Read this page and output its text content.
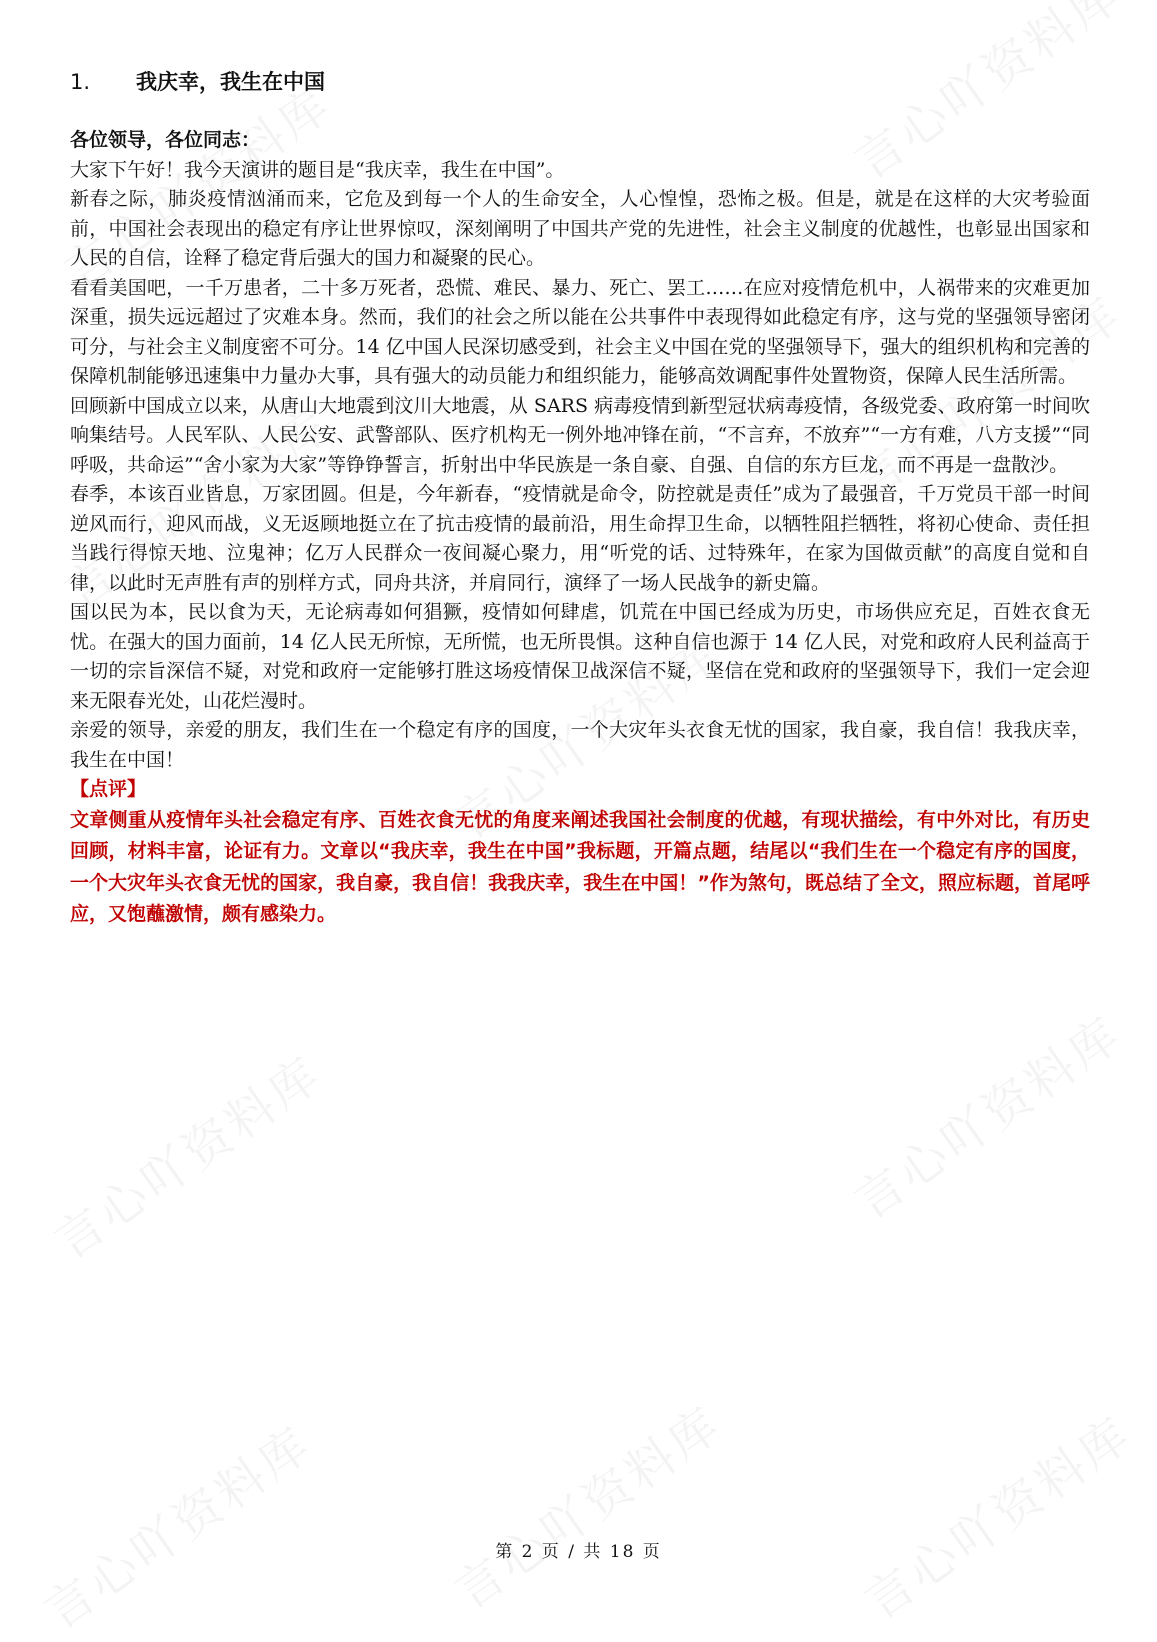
1.	我庆幸，我生在中国

各位领导，各位同志：

大家下午好！我今天演讲的题目是“我庆幸，我生在中国”。

新春之际，肺炎疫情汹涌而来，它危及到每一个人的生命安全，人心惶惶，恐怖之极。但是，就是在这样的大灾考验面前，中国社会表现出的稳定有序让世界惊叹，深刻阐明了中国共产党的先进性，社会主义制度的优越性，也彰显出国家和人民的自信，诠释了稳定背后强大的国力和凝聚的民心。

看看美国吧，一千万患者，二十多万死者，恐慌、难民、暴力、死亡、罢工……在应对疫情危机中，人祸带来的灾难更加深重，损失远远超过了灾难本身。然而，我们的社会之所以能在公共事件中表现得如此稳定有序，这与党的坚强领导密闭可分，与社会主义制度密不可分。14 亿中国人民深切感受到，社会主义中国在党的坚强领导下，强大的组织机构和完善的保障机制能够迅速集中力量办大事，具有强大的动员能力和组织能力，能够高效调配事件处置物资，保障人民生活所需。

回顾新中国成立以来，从唐山大地震到汶川大地震，从 SARS 病毒疫情到新型冠状病毒疫情，各级党委、政府第一时间吹响集结号。人民军队、人民公安、武警部队、医疗机构无一例外地冲锋在前，“不言弃，不放弃”“一方有难，八方支援”“同呼吸，共命运”“舍小家为大家”等铮铮誓言，折射出中华民族是一条自豪、自强、自信的东方巨龙，而不再是一盘散沙。

春季，本该百业皆息，万家团圆。但是，今年新春，“疫情就是命令，防控就是责任”成为了最强音，千万党员干部一时间逆风而行，迎风而战，义无返顾地挺立在了抗击疫情的最前沿，用生命捍卫生命，以牺牲阻拦牺牲，将初心使命、责任担当践行得惊天地、泣鬼神；亿万人民群众一夜间凝心聚力，用“听党的话、过特殊年，在家为国做贡献”的高度自觉和自律，以此时无声胜有声的别样方式，同舟共济，并肩同行，演绎了一场人民战争的新史篇。

国以民为本，民以食为天，无论病毒如何猖獗，疫情如何肆虐，饥荒在中国已经成为历史，市场供应充足，百姓衣食无忧。在强大的国力面前，14 亿人民无所惊，无所慌，也无所畏惧。这种自信也源于 14 亿人民，对党和政府人民利益高于一切的宗旨深信不疑，对党和政府一定能够打胜这场疫情保卫战深信不疑，坚信在党和政府的坚强领导下，我们一定会迎来无限春光处，山花烂漫时。

亲爱的领导，亲爱的朋友，我们生在一个稳定有序的国度，一个大灾年头衣食无忧的国家，我自豪，我自信！我我庆幸，我生在中国！

【点评】

文章侧重从疫情年头社会稳定有序、百姓衣食无忧的角度来阐述我国社会制度的优越，有现状描绘，有中外对比，有历史回顾，材料丰富，论证有力。文章以“我庆幸，我生在中国”我标题，开篇点题，结尾以“我们生在一个稳定有序的国度，一个大灾年头衣食无忧的国家，我自豪，我自信！我我庆幸，我生在中国！”作为煞句，既总结了全文，照应标题，首尾呼应，又饱蘸激情，颇有感染力。

第 2 页 / 共 18 页
